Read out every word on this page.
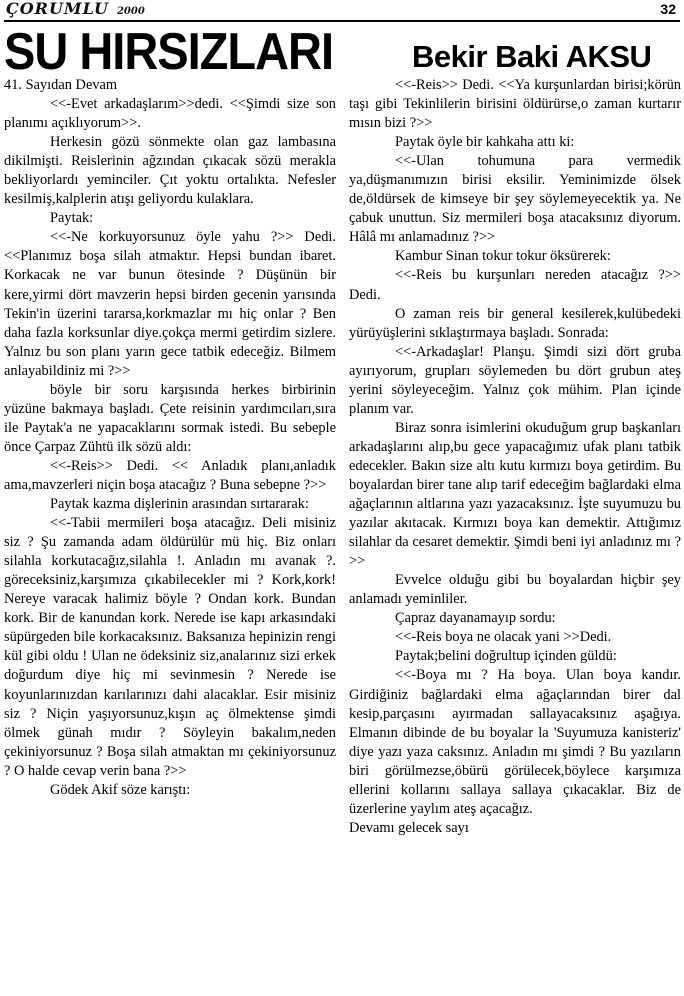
ÇORUMLU 2000	32
SU HIRSIZLARI	Bekir Baki AKSU

41. Sayıdan Devam

<<-Evet arkadaşlarım>>dedi. <<Şimdi size son planımı açıklıyorum>>.

Herkesin gözü sönmekte olan gaz lambasına dikilmişti. Reislerinin ağzından çıkacak sözü merakla bekliyorlardı yeminciler. Çıt yoktu ortalıkta. Nefesler kesilmiş,kalplerin atışı geliyordu kulaklara.

Paytak:

<<-Ne korkuyorsunuz öyle yahu ?>> Dedi. <<Planımız boşa silah atmaktır. Hepsi bundan ibaret. Korkacak ne var bunun ötesinde ? Düşünün bir kere,yirmi dört mavzerin hepsi birden gecenin yarısında Tekin'in üzerini tararsa,korkmazlar mı hiç onlar ? Ben daha fazla korksunlar diye.çokça mermi getirdim sizlere. Yalnız bu son planı yarın gece tatbik edeceğiz. Bilmem anlayabildiniz mi ?>>

böyle bir soru karşısında herkes birbirinin yüzüne bakmaya başladı. Çete reisinin yardımcıları,sıra ile Paytak'a ne yapacaklarını sormak istedi. Bu sebeple önce Çarpaz Zühtü ilk sözü aldı:

<<-Reis>> Dedi. << Anladık planı,anladık ama,mavzerleri niçin boşa atacağız ? Buna sebepne ?>>

Paytak kazma dişlerinin arasından sırtararak:

<<-Tabii mermileri boşa atacağız. Deli misiniz siz ? Şu zamanda adam öldürülür mü hiç. Biz onları silahla korkutacağız,silahla !. Anladın mı avanak ?. göreceksiniz,karşımıza çıkabilecekler mi ? Kork,kork! Nereye varacak halimiz böyle ? Ondan kork. Bundan kork. Bir de kanundan kork. Nerede ise kapı arkasındaki süpürgeden bile korkacaksınız. Baksanıza hepinizin rengi kül gibi oldu ! Ulan ne ödeksiniz siz,analarınız sizi erkek doğurdum diye hiç mi sevinmesin ? Nerede ise koyunlarınızdan karılarınızı dahi alacaklar. Esir misiniz siz ? Niçin yaşıyorsunuz,kışın aç ölmektense şimdi ölmek günah mıdır ? Söyleyin bakalım,neden çekiniyorsunuz ? Boşa silah atmaktan mı çekiniyorsunuz ? O halde cevap verin bana ?>>

Gödek Akif söze karıştı:

<<-Reis>> Dedi. <<Ya kurşunlardan birisi;körün taşı gibi Tekinlilerin birisini öldürürse,o zaman kurtarır mısın bizi ?>>

Paytak öyle bir kahkaha attı ki:

<<-Ulan tohumuna para vermedik ya,düşmanımızın birisi eksilir. Yeminimizde ölsek de,öldürsek de kimseye bir şey söylemeyecektik ya. Ne çabuk unuttun. Siz mermileri boşa atacaksınız diyorum. Hâlâ mı anlamadınız ?>>

Kambur Sinan tokur tokur öksürerek:

<<-Reis bu kurşunları nereden atacağız ?>> Dedi.

O zaman reis bir general kesilerek,kulübedeki yürüyüşlerini sıklaştırmaya başladı. Sonrada:

<<-Arkadaşlar! Planşu. Şimdi sizi dört gruba ayırıyorum, grupları söylemeden bu dört grubun ateş yerini söyleyeceğim. Yalnız çok mühim. Plan içinde planım var.

Biraz sonra isimlerini okuduğum grup başkanları arkadaşlarını alıp,bu gece yapacağımız ufak planı tatbik edecekler. Bakın size altı kutu kırmızı boya getirdim. Bu boyalardan birer tane alıp tarif edeceğim bağlardaki elma ağaçlarının altlarına yazı yazacaksınız. İşte suyumuzu bu yazılar akıtacak. Kırmızı boya kan demektir. Attığımız silahlar da cesaret demektir. Şimdi beni iyi anladınız mı ?>>

Evvelce olduğu gibi bu boyalardan hiçbir şey anlamadı yeminliler.

Çapraz dayanamayıp sordu:

<<-Reis boya ne olacak yani >>Dedi.

Paytak;belini doğrultup içinden güldü:

<<-Boya mı ? Ha boya. Ulan boya kandır. Girdiğiniz bağlardaki elma ağaçlarından birer dal kesip,parçasını ayırmadan sallayacaksınız aşağıya. Elmanın dibinde de bu boyalar la 'Suyumuza kanisteriz' diye yazı yaza caksınız. Anladın mı şimdi ? Bu yazıların biri görülmezse,öbürü görülecek,böylece karşımıza ellerini kollarını sallaya sallaya çıkacaklar. Biz de üzerlerine yaylım ateş açacağız.

Devamı gelecek sayı
